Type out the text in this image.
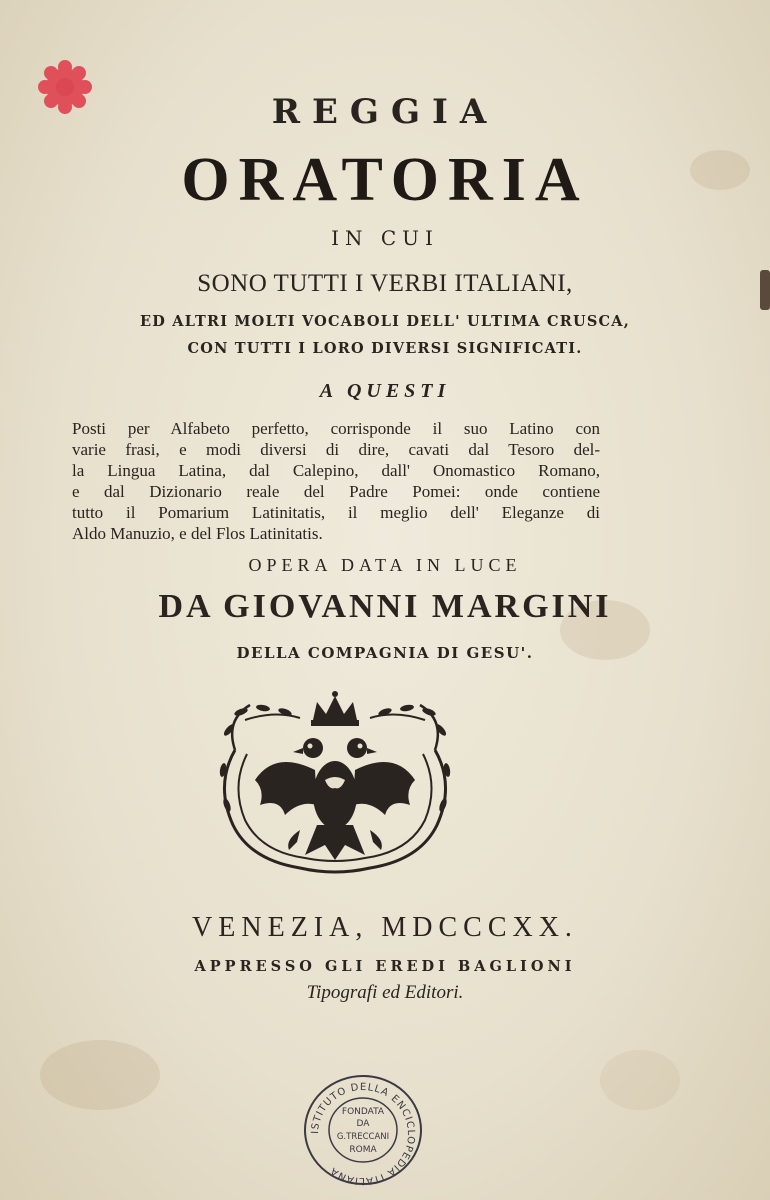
REGGIA
ORATORIA
IN CUI
SONO TUTTI I VERBI ITALIANI,
ED ALTRI MOLTI VOCABOLI DELL' ULTIMA CRUSCA,
CON TUTTI I LORO DIVERSI SIGNIFICATI.
A QUESTI
Posti per Alfabeto perfetto, corrisponde il suo Latino con
varie frasi, e modi diversi di dire, cavati dal Tesoro del-
la Lingua Latina, dal Calepino, dall' Onomastico Romano,
e dal Dizionario reale del Padre Pomei: onde contiene
tutto il Pomarium Latinitatis, il meglio dell' Eleganze di
Aldo Manuzio, e del Flos Latinitatis.
OPERA DATA IN LUCE
DA GIOVANNI MARGINI
DELLA COMPAGNIA DI GESU'.
VENEZIA, MDCCCXX.
APPRESSO GLI EREDI BAGLIONI
Tipografi ed Editori.
ISTITUTO DELLA ENCICLOPEDIA ITALIANA
FONDATA
DA
G.TRECCANI
ROMA
